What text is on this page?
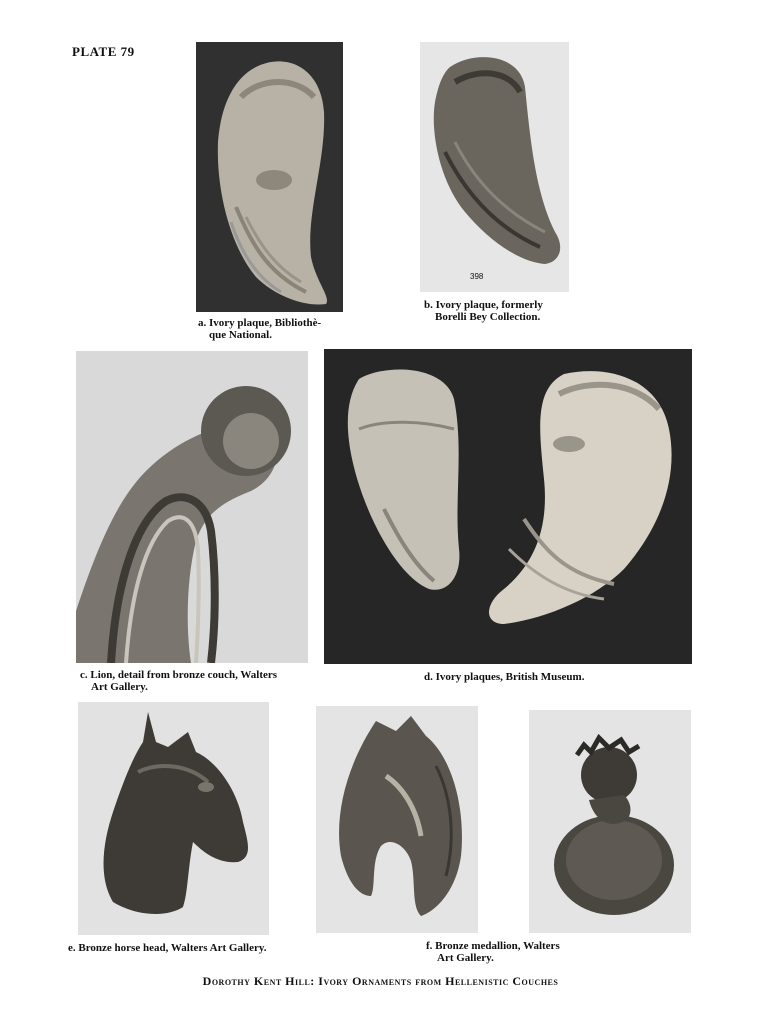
PLATE 79
a. Ivory plaque, Bibliothè-
que National.
398
b. Ivory plaque, formerly
Borelli Bey Collection.
c. Lion, detail from bronze couch, Walters
Art Gallery.
d. Ivory plaques, British Museum.
e. Bronze horse head, Walters Art Gallery.	f. Bronze medallion, Walters
Art Gallery.
Dorothy Kent Hill: Ivory Ornaments from Hellenistic Couches
